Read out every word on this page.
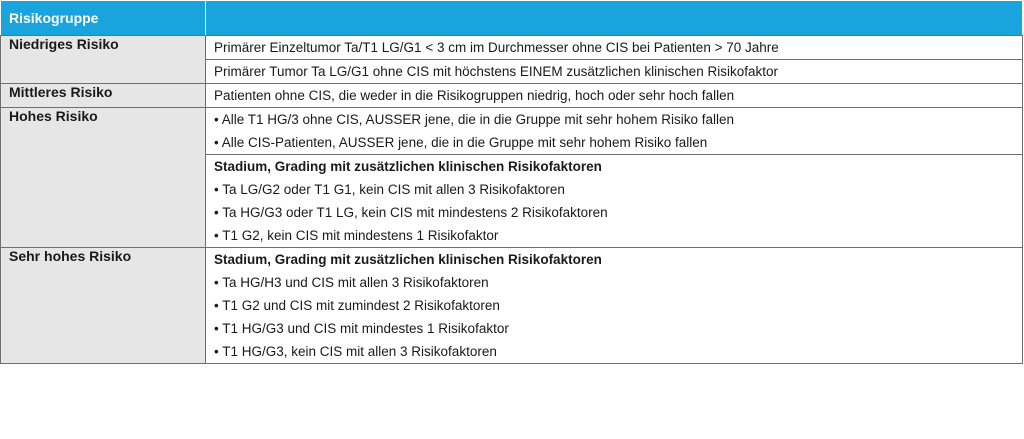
Risikogruppe	
Niedriges Risiko	Primärer Einzeltumor Ta/T1 LG/G1 < 3 cm im Durchmesser ohne CIS bei Patienten > 70 Jahre

	Primärer Tumor Ta LG/G1 ohne CIS mit höchstens EINEM zusätzlichen klinischen Risikofaktor

Mittleres Risiko	Patienten ohne CIS, die weder in die Risikogruppen niedrig, hoch oder sehr hoch fallen

Hohes Risiko	• Alle T1 HG/3 ohne CIS, AUSSER jene, die in die Gruppe mit sehr hohem Risiko fallen
• Alle CIS-Patienten, AUSSER jene, die in die Gruppe mit sehr hohem Risiko fallen

	Stadium, Grading mit zusätzlichen klinischen Risikofaktoren
• Ta LG/G2 oder T1 G1, kein CIS mit allen 3 Risikofaktoren
• Ta HG/G3 oder T1 LG, kein CIS mit mindestens 2 Risikofaktoren
• T1 G2, kein CIS mit mindestens 1 Risikofaktor

Sehr hohes Risiko	Stadium, Grading mit zusätzlichen klinischen Risikofaktoren
• Ta HG/H3 und CIS mit allen 3 Risikofaktoren
• T1 G2 und CIS mit zumindest 2 Risikofaktoren
• T1 HG/G3 und CIS mit mindestes 1 Risikofaktor
• T1 HG/G3, kein CIS mit allen 3 Risikofaktoren
